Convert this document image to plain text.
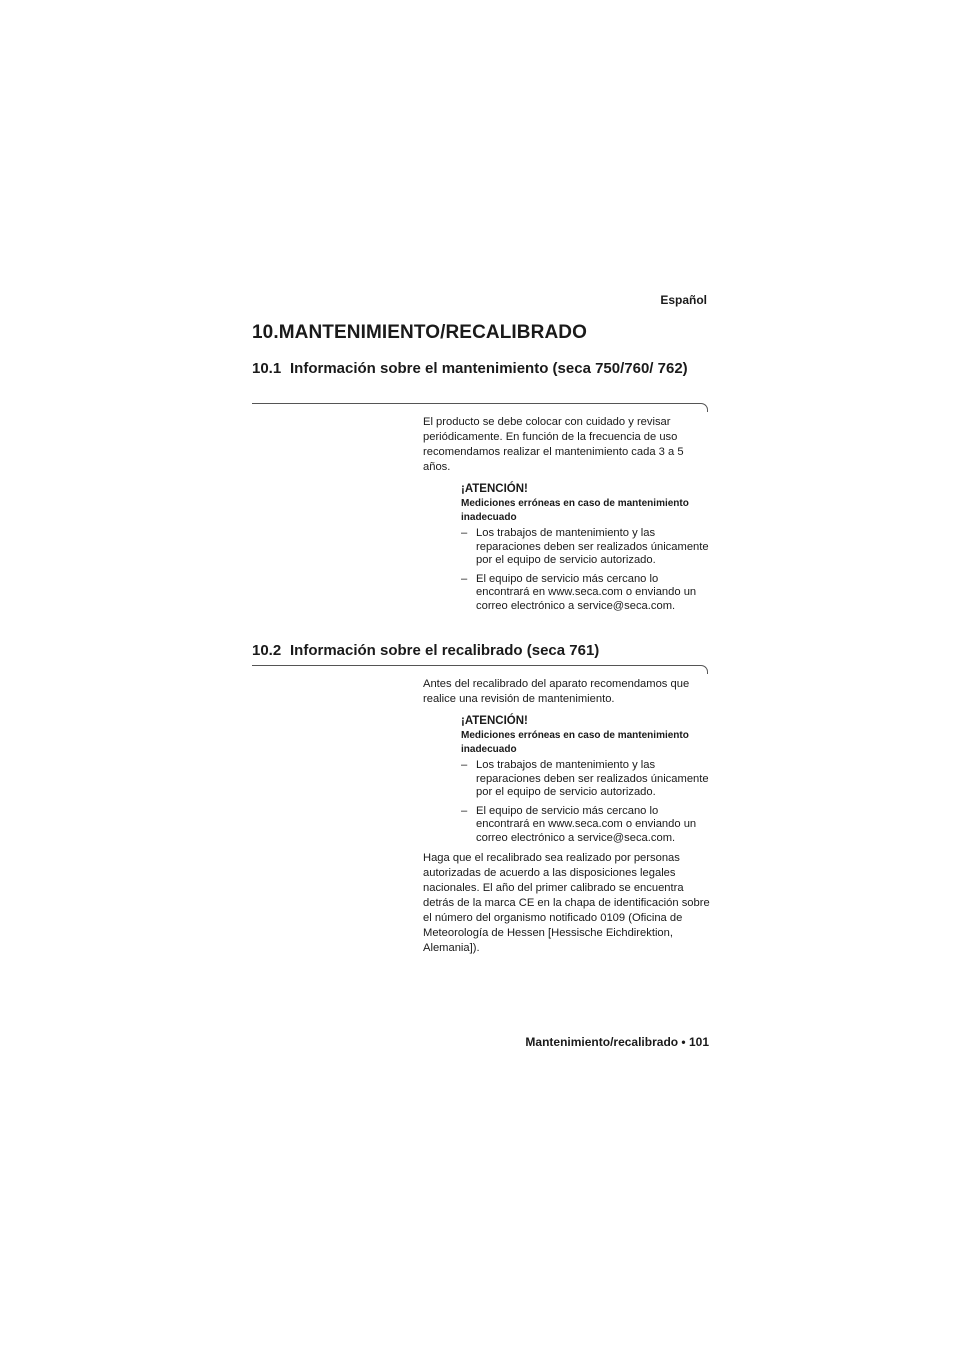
Español
10.MANTENIMIENTO/RECALIBRADO
10.1 Información sobre el mantenimiento (seca 750/760/ 762)

El producto se debe colocar con cuidado y revisar periódicamente. En función de la frecuencia de uso recomendamos realizar el mantenimiento cada 3 a 5 años.

¡ATENCIÓN!
Mediciones erróneas en caso de mantenimiento inadecuado
– Los trabajos de mantenimiento y las reparaciones deben ser realizados únicamente por el equipo de servicio autorizado.
– El equipo de servicio más cercano lo encontrará en www.seca.com o enviando un correo electrónico a service@seca.com.
10.2 Información sobre el recalibrado (seca 761)

Antes del recalibrado del aparato recomendamos que realice una revisión de mantenimiento.

¡ATENCIÓN!
Mediciones erróneas en caso de mantenimiento inadecuado
– Los trabajos de mantenimiento y las reparaciones deben ser realizados únicamente por el equipo de servicio autorizado.
– El equipo de servicio más cercano lo encontrará en www.seca.com o enviando un correo electrónico a service@seca.com.

Haga que el recalibrado sea realizado por personas autorizadas de acuerdo a las disposiciones legales nacionales. El año del primer calibrado se encuentra detrás de la marca CE en la chapa de identificación sobre el número del organismo notificado 0109 (Oficina de Meteorología de Hessen [Hessische Eichdirektion, Alemania]).

Mantenimiento/recalibrado • 101
